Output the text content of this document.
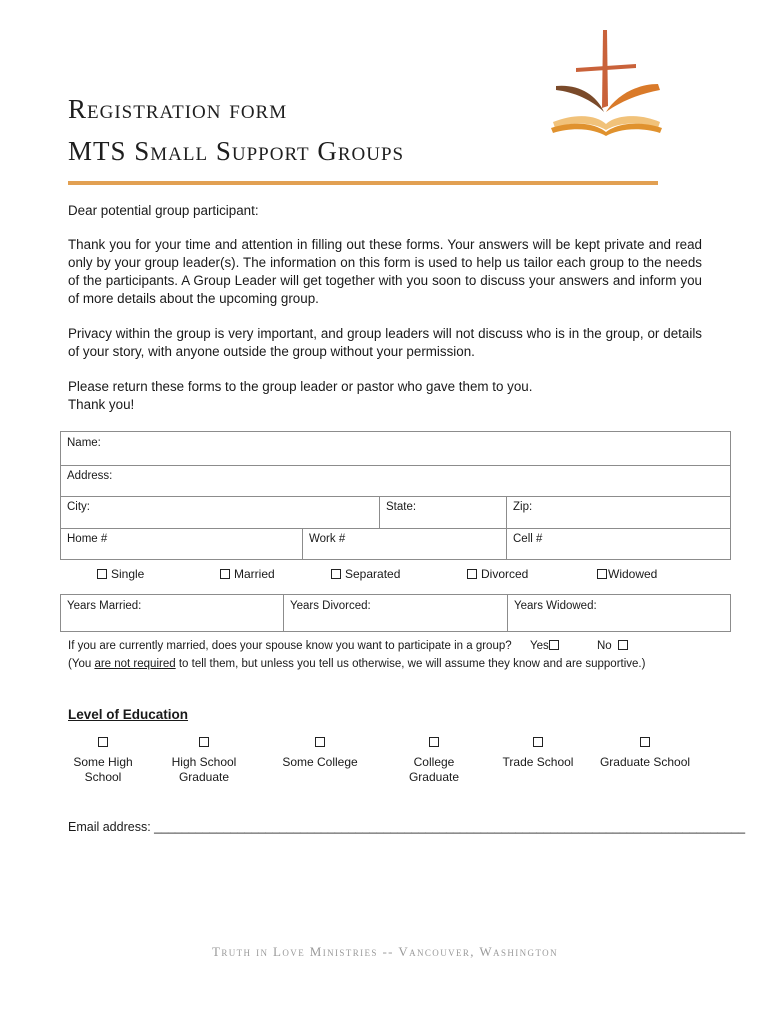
Registration form
MTS Small Support Groups
Dear potential group participant:

Thank you for your time and attention in filling out these forms. Your answers will be kept private and read only by your group leader(s). The information on this form is used to help us tailor each group to the needs of the participants. A Group Leader will get together with you soon to discuss your answers and inform you of more details about the upcoming group.

Privacy within the group is very important, and group leaders will not discuss who is in the group, or details of your story, with anyone outside the group without your permission.

Please return these forms to the group leader or pastor who gave them to you.

Thank you!

Name:
Address:
City:	State:	Zip:
Home #	Work #	Cell #
Single	Married	Separated	Divorced	Widowed
Years Married:	Years Divorced:	Years Widowed:
If you are currently married, does your spouse know you want to participate in a group? Yes	No
(You are not required to tell them, but unless you tell us otherwise, we will assume they know and are supportive.)
Level of Education
Some High
School
High School
Graduate
Some College	College
Graduate
Trade School	Graduate School
Email address: _____________________________________________________________________________________
Truth in Love Ministries -- Vancouver, Washington
